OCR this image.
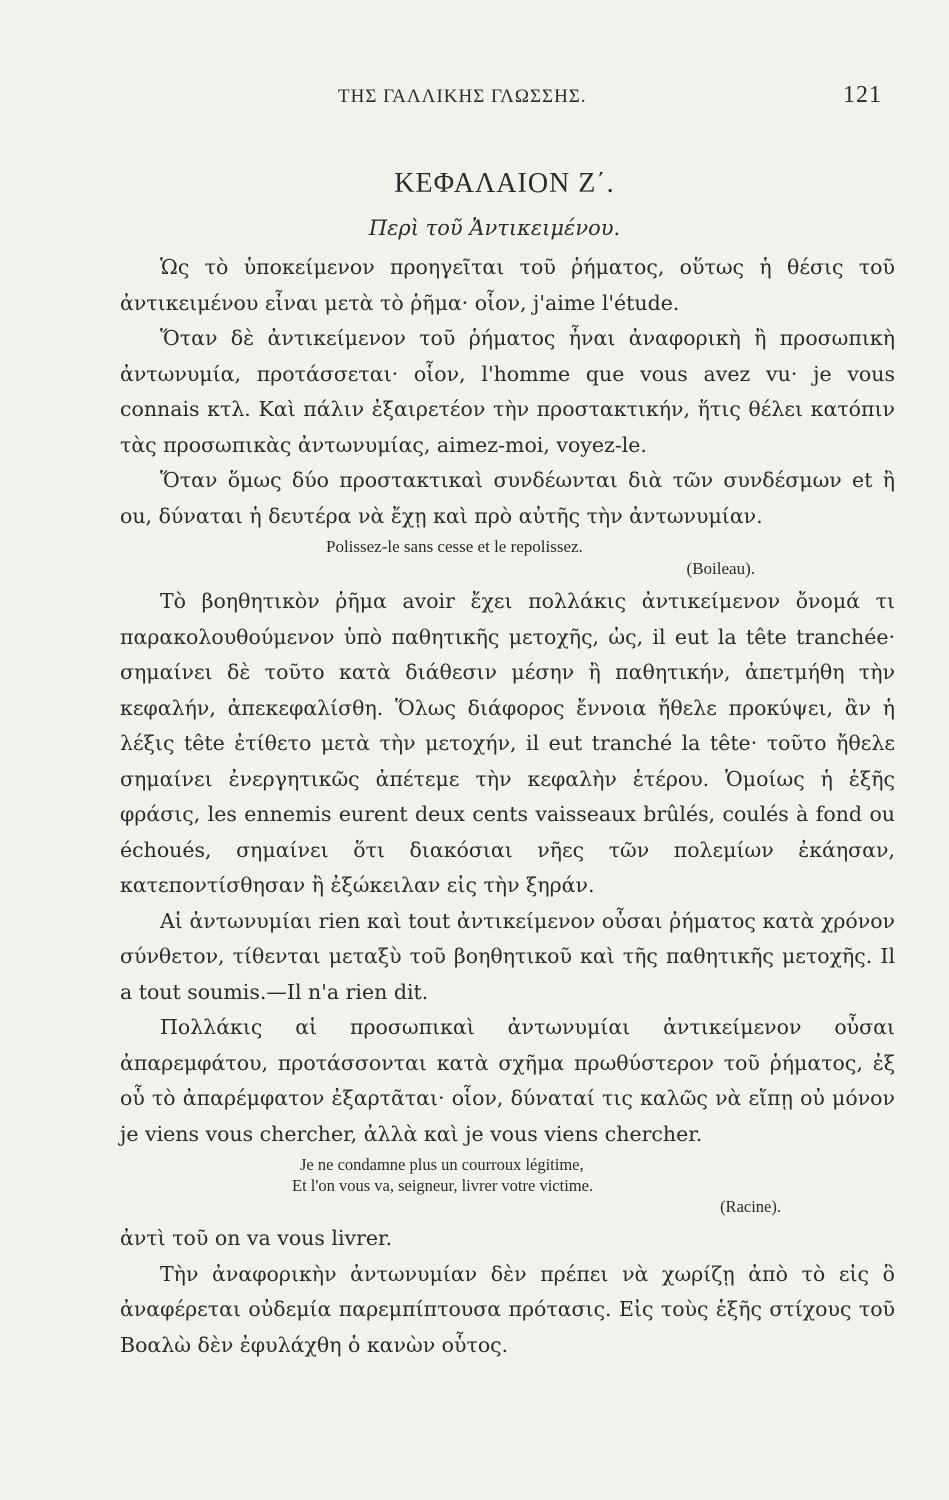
ΤΗΣ ΓΑΛΛΙΚΗΣ ΓΛΩΣΣΗΣ.	121
ΚΕΦΑΛΑΙΟΝ Ζ΄.
Περὶ τοῦ Ἀντικειμένου.

Ὡς τὸ ὑποκείμενον προηγεῖται τοῦ ῥήματος, οὕτως ἡ θέσις τοῦ ἀντικειμένου εἶναι μετὰ τὸ ῥῆμα· οἷον, j'aime l'étude.

Ὅταν δὲ ἀντικείμενον τοῦ ῥήματος ἦναι ἀναφορικὴ ἢ προσωπικὴ ἀντωνυμία, προτάσσεται· οἷον, l'homme que vous avez vu· je vous connais κτλ. Καὶ πάλιν ἐξαιρετέον τὴν προστακτικήν, ἥτις θέλει κατόπιν τὰς προσωπικὰς ἀντωνυμίας, aimez-moi, voyez-le.

Ὅταν ὅμως δύο προστακτικαὶ συνδέωνται διὰ τῶν συνδέσμων et ἢ ou, δύναται ἡ δευτέρα νὰ ἔχῃ καὶ πρὸ αὐτῆς τὴν ἀντωνυμίαν.

Polissez-le sans cesse et le repolissez.
(Boileau).

Τὸ βοηθητικὸν ῥῆμα avoir ἔχει πολλάκις ἀντικείμενον ὄνομά τι παρακολουθούμενον ὑπὸ παθητικῆς μετοχῆς, ὡς, il eut la tête tranchée· σημαίνει δὲ τοῦτο κατὰ διάθεσιν μέσην ἢ παθητικήν, ἀπετμήθη τὴν κεφαλήν, ἀπεκεφαλίσθη. Ὅλως διάφορος ἔννοια ἤθελε προκύψει, ἂν ἡ λέξις tête ἐτίθετο μετὰ τὴν μετοχήν, il eut tranché la tête· τοῦτο ἤθελε σημαίνει ἐνεργητικῶς ἀπέτεμε τὴν κεφαλὴν ἑτέρου. Ὁμοίως ἡ ἑξῆς φράσις, les ennemis eurent deux cents vaisseaux brûlés, coulés à fond ou échoués, σημαίνει ὅτι διακόσιαι νῆες τῶν πολεμίων ἐκάησαν, κατεποντίσθησαν ἢ ἐξώκειλαν εἰς τὴν ξηράν.

Αἱ ἀντωνυμίαι rien καὶ tout ἀντικείμενον οὖσαι ῥήματος κατὰ χρόνον σύνθετον, τίθενται μεταξὺ τοῦ βοηθητικοῦ καὶ τῆς παθητικῆς μετοχῆς. Il a tout soumis.—Il n'a rien dit.

Πολλάκις αἱ προσωπικαὶ ἀντωνυμίαι ἀντικείμενον οὖσαι ἀπαρεμφάτου, προτάσσονται κατὰ σχῆμα πρωθύστερον τοῦ ῥήματος, ἐξ οὗ τὸ ἀπαρέμφατον ἐξαρτᾶται· οἷον, δύναταί τις καλῶς νὰ εἴπῃ οὐ μόνον je viens vous chercher, ἀλλὰ καὶ je vous viens chercher.

Je ne condamne plus un courroux légitime,
Et l'on vous va, seigneur, livrer votre victime.
(Racine).

ἀντὶ τοῦ on va vous livrer.

Τὴν ἀναφορικὴν ἀντωνυμίαν δὲν πρέπει νὰ χωρίζῃ ἀπὸ τὸ εἰς ὃ ἀναφέρεται οὐδεμία παρεμπίπτουσα πρότασις. Εἰς τοὺς ἑξῆς στίχους τοῦ Βοαλὼ δὲν ἐφυλάχθη ὁ κανὼν οὗτος.
